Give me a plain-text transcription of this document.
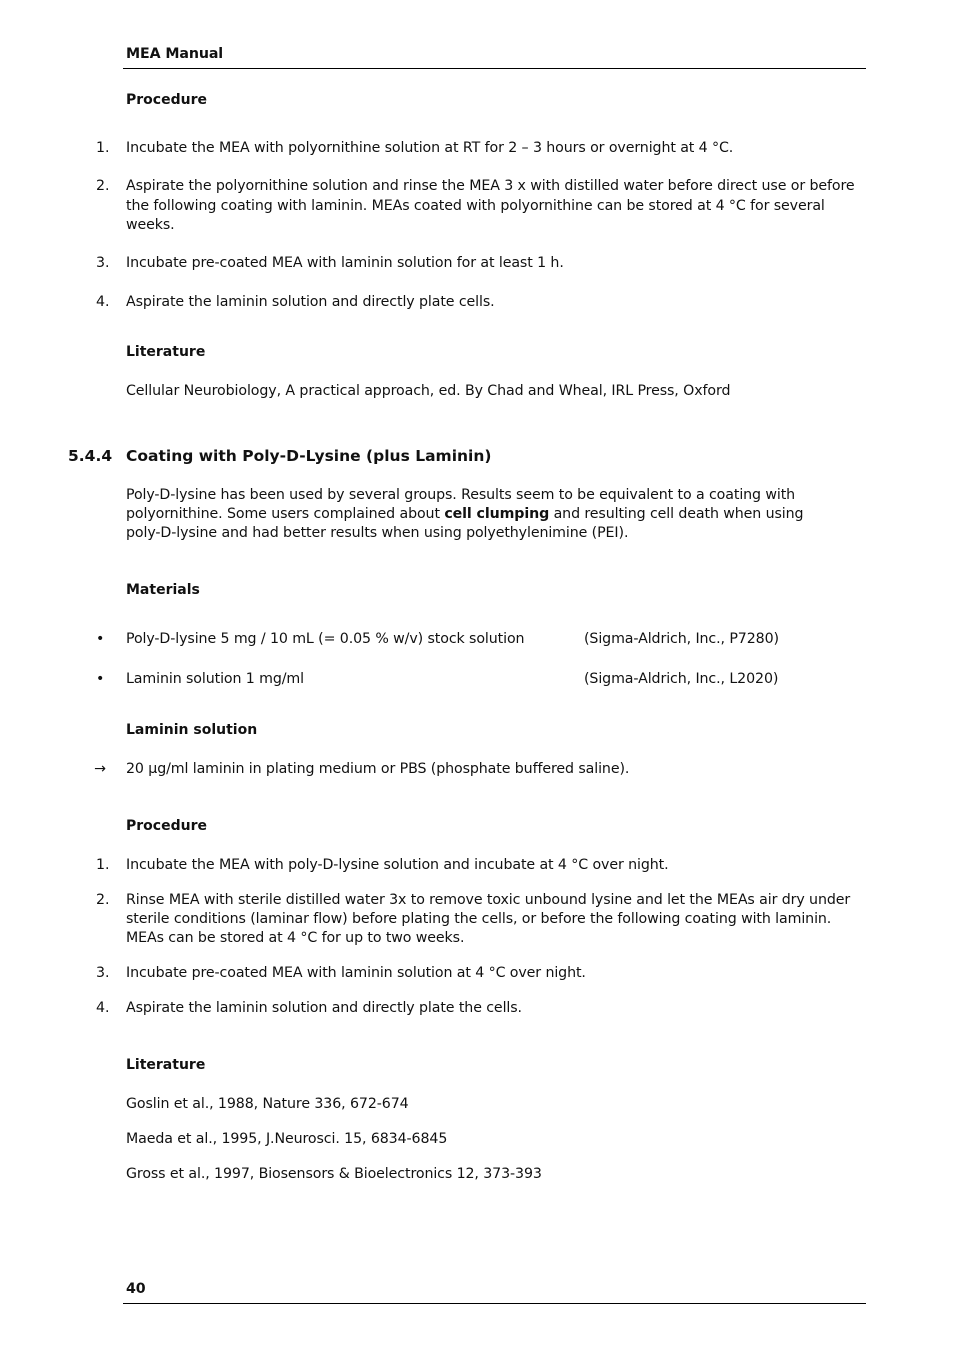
MEA Manual
Procedure
1. Incubate the MEA with polyornithine solution at RT for 2 – 3 hours or overnight at 4 °C.
2. Aspirate the polyornithine solution and rinse the MEA 3 x with distilled water before direct use or before
the following coating with laminin. MEAs coated with polyornithine can be stored at 4 °C for several
weeks.
3. Incubate pre-coated MEA with laminin solution for at least 1 h.
4. Aspirate the laminin solution and directly plate cells.
Literature
Cellular Neurobiology, A practical approach, ed. By Chad and Wheal, IRL Press, Oxford
5.4.4 Coating with Poly-D-Lysine (plus Laminin)
Poly-D-lysine has been used by several groups. Results seem to be equivalent to a coating with
polyornithine. Some users complained about cell clumping and resulting cell death when using
poly-D-lysine and had better results when using polyethylenimine (PEI).
Materials
• Poly-D-lysine 5 mg / 10 mL (= 0.05 % w/v) stock solution	(Sigma-Aldrich, Inc., P7280)
• Laminin solution 1 mg/ml	(Sigma-Aldrich, Inc., L2020)
Laminin solution
→ 20 µg/ml laminin in plating medium or PBS (phosphate buffered saline).
Procedure
1. Incubate the MEA with poly-D-lysine solution and incubate at 4 °C over night.
2. Rinse MEA with sterile distilled water 3x to remove toxic unbound lysine and let the MEAs air dry under
sterile conditions (laminar flow) before plating the cells, or before the following coating with laminin.
MEAs can be stored at 4 °C for up to two weeks.
3. Incubate pre-coated MEA with laminin solution at 4 °C over night.
4. Aspirate the laminin solution and directly plate the cells.
Literature
Goslin et al., 1988, Nature 336, 672-674
Maeda et al., 1995, J.Neurosci. 15, 6834-6845
Gross et al., 1997, Biosensors & Bioelectronics 12, 373-393
40
